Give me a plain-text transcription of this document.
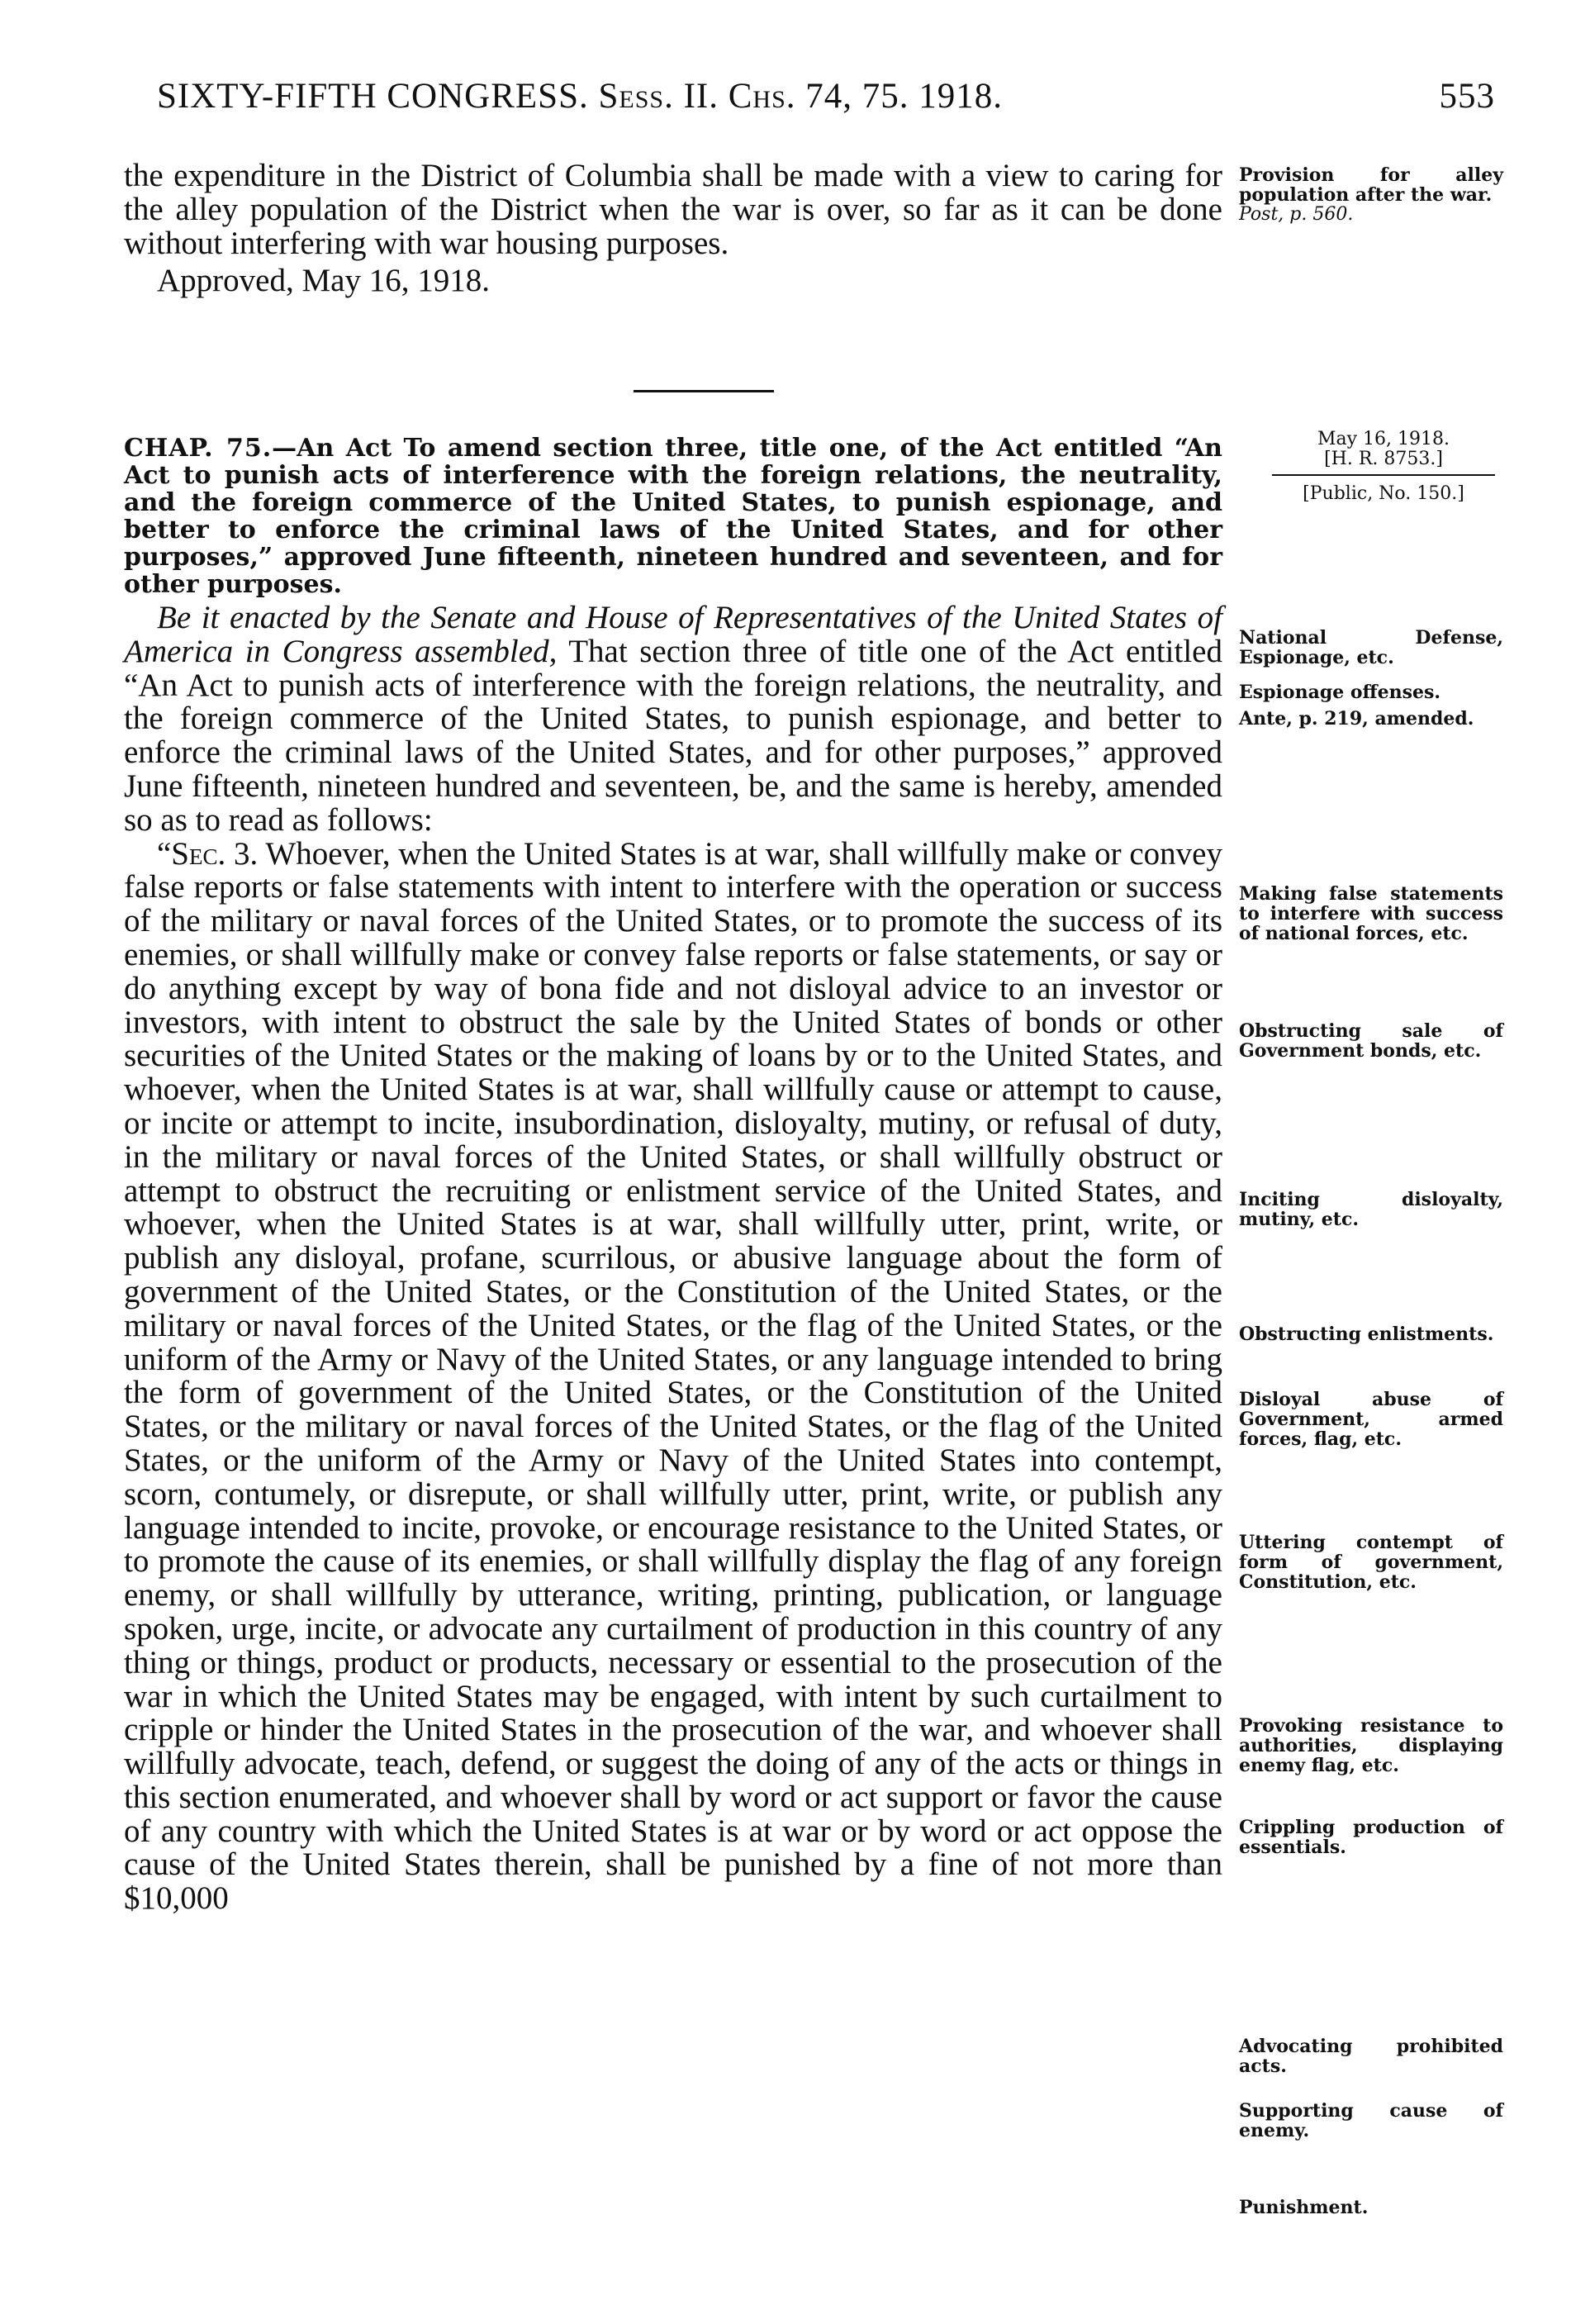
SIXTY-FIFTH CONGRESS. Sess. II. Chs. 74, 75. 1918.	553

the expenditure in the District of Columbia shall be made with a view to caring for the alley population of the District when the war is over, so far as it can be done without interfering with war housing purposes.

Approved, May 16, 1918.

Provision for alley population after the war.
Post, p. 560.
CHAP. 75.—An Act To amend section three, title one, of the Act entitled “An Act to punish acts of interference with the foreign relations, the neutrality, and the foreign commerce of the United States, to punish espionage, and better to enforce the criminal laws of the United States, and for other purposes,” approved June fifteenth, nineteen hundred and seventeen, and for other purposes.
May 16, 1918.
[H. R. 8753.]
[Public, No. 150.]

Be it enacted by the Senate and House of Representatives of the United States of America in Congress assembled, That section three of title one of the Act entitled “An Act to punish acts of interference with the foreign relations, the neutrality, and the foreign commerce of the United States, to punish espionage, and better to enforce the criminal laws of the United States, and for other purposes,” approved June fifteenth, nineteen hundred and seventeen, be, and the same is hereby, amended so as to read as follows:

“Sec. 3. Whoever, when the United States is at war, shall willfully make or convey false reports or false statements with intent to interfere with the operation or success of the military or naval forces of the United States, or to promote the success of its enemies, or shall willfully make or convey false reports or false statements, or say or do anything except by way of bona fide and not disloyal advice to an investor or investors, with intent to obstruct the sale by the United States of bonds or other securities of the United States or the making of loans by or to the United States, and whoever, when the United States is at war, shall willfully cause or attempt to cause, or incite or attempt to incite, insubordination, disloyalty, mutiny, or refusal of duty, in the military or naval forces of the United States, or shall willfully obstruct or attempt to obstruct the recruiting or enlistment service of the United States, and whoever, when the United States is at war, shall willfully utter, print, write, or publish any disloyal, profane, scurrilous, or abusive language about the form of government of the United States, or the Constitution of the United States, or the military or naval forces of the United States, or the flag of the United States, or the uniform of the Army or Navy of the United States, or any language intended to bring the form of government of the United States, or the Constitution of the United States, or the military or naval forces of the United States, or the flag of the United States, or the uniform of the Army or Navy of the United States into contempt, scorn, contumely, or disrepute, or shall willfully utter, print, write, or publish any language intended to incite, provoke, or encourage resistance to the United States, or to promote the cause of its enemies, or shall willfully display the flag of any foreign enemy, or shall willfully by utterance, writing, printing, publication, or language spoken, urge, incite, or advocate any curtailment of production in this country of any thing or things, product or products, necessary or essential to the prosecution of the war in which the United States may be engaged, with intent by such curtailment to cripple or hinder the United States in the prosecution of the war, and whoever shall willfully advocate, teach, defend, or suggest the doing of any of the acts or things in this section enumerated, and whoever shall by word or act support or favor the cause of any country with which the United States is at war or by word or act oppose the cause of the United States therein, shall be punished by a fine of not more than $10,000

National Defense, Espionage, etc.
Espionage offenses.
Ante, p. 219, amended.
Making false statements to interfere with success of national forces, etc.
Obstructing sale of Government bonds, etc.
Inciting disloyalty, mutiny, etc.
Obstructing enlistments.
Disloyal abuse of Government, armed forces, flag, etc.
Uttering contempt of form of government, Constitution, etc.
Provoking resistance to authorities, displaying enemy flag, etc.
Crippling production of essentials.
Advocating prohibited acts.
Supporting cause of enemy.
Punishment.
